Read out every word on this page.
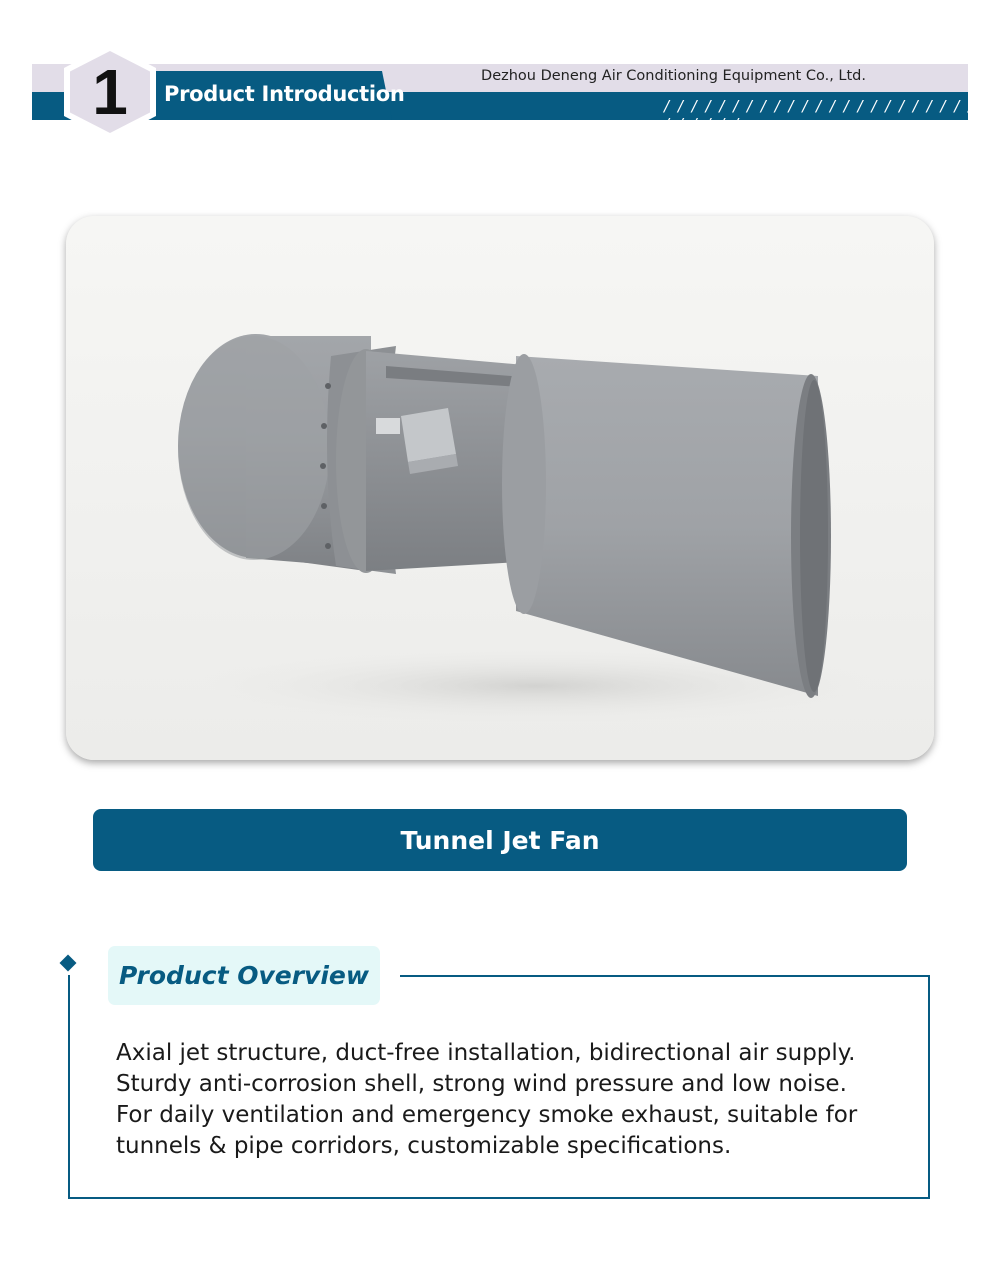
Product Introduction
Dezhou Deneng Air Conditioning Equipment Co., Ltd.
/ / / / / / / / / / / / / / / / / / / / / / / / / / / / / /
1
Tunnel Jet Fan
Product Overview

Axial jet structure, duct-free installation, bidirectional air supply.
Sturdy anti-corrosion shell, strong wind pressure and low noise.
For daily ventilation and emergency smoke exhaust, suitable for
tunnels & pipe corridors, customizable specifications.
